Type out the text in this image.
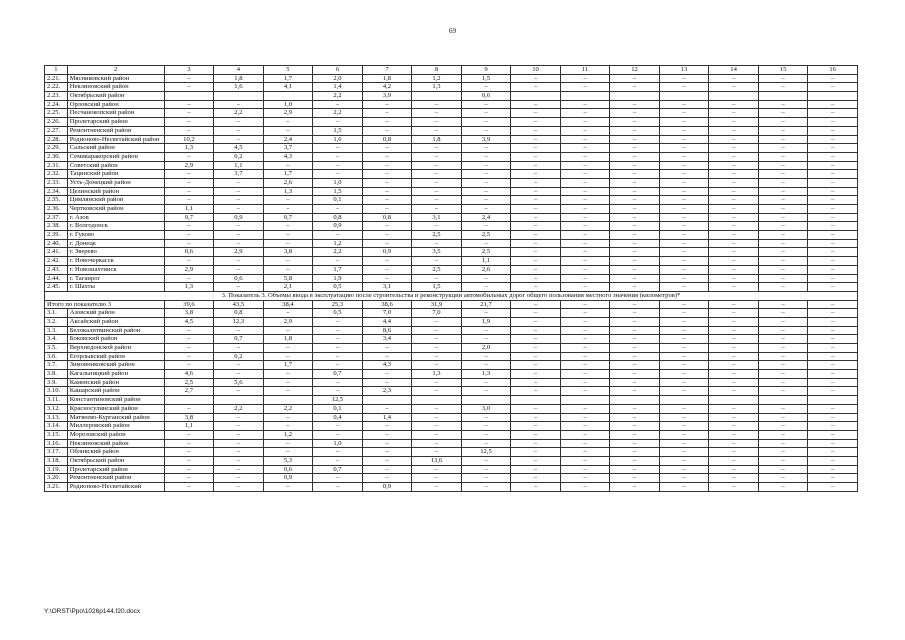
69
1	2	3	4	5	6	7	8	9	10	11	12	13	14	15	16
2.21.	Мясниковский район	–	1,8	1,7	2,0	1,8	1,2	1,5	–	–	–	–	–	–	–
2.22.	Неклиновский район	–	1,6	4,1	1,4	4,2	1,3	–	–	–	–	–	–	–	–
2.23.	Октябрьский район				2,2	3,9		0,6							
2.24.	Орловский район	–	–	1,0	–	–	–	–	–	–	–	–	–	–	–
2.25.	Песчанокопский район	–	2,2	2,9	2,2	–	–	–	–	–	–	–	–	–	–
2.26.	Пролетарский район	–	–	–	–	–	–	–	–	–	–	–	–	–	–
2.27.	Ремонтненский район	–	–	–	1,5	–	–	–	–	–	–	–	–	–	–
2.28.	Родионово-Несветайский район	10,2	–	2,4	1,6	0,8	1,8	3,9	–	–	–	–	–	–	–
2.29.	Сальский район	1,3	4,5	3,7	–	–	–	–	–	–	–	–	–	–	–
2.30.	Семикаракорский район	–	0,2	4,3	–	–	–	–	–	–	–	–	–	–	–
2.31.	Советский район	2,9	1,1	–	–	–	–	–	–	–	–	–	–	–	–
2.32.	Тацинский район	–	3,7	1,7	–	–	–	–	–	–	–	–	–	–	–
2.33.	Усть-Донецкий район	–	–	2,6	1,0	–	–	–	–	–	–	–	–	–	–
2.34.	Целинский район	–	–	1,3	1,5	–	–	–	–	–	–	–	–	–	–
2.35.	Цимлянский район	–	–	–	0,1	–	–	–	–	–	–	–	–	–	–
2.36.	Чертковский район	1,1	–	–	–	–	–	–	–	–	–	–	–	–	–
2.37.	г. Азов	0,7	0,9	0,7	0,8	0,8	3,1	2,4	–	–	–	–	–	–	–
2.38.	г. Волгодонск	–	–	–	0,9	–	–	–	–	–	–	–	–	–	–
2.39.	г. Гуково	–	–	–	–	–	2,5	2,5	–	–	–	–	–	–	–
2.40.	г. Донецк	–	–	–	1,2	–	–	–	–	–	–	–	–	–	–
2.41.	г. Зверево	0,6	2,9	3,8	2,2	0,9	3,5	2,5	–	–	–	–	–	–	–
2.42.	г. Новочеркасск	–	–	–	–	–	–	1,1	–	–	–	–	–	–	–
2.43.	г. Новошахтинск	2,9	–	–	1,7	–	2,5	2,6	–	–	–	–	–	–	–
2.44.	г. Таганрог	–	0,6	5,8	1,9	–	–	–	–	–	–	–	–	–	–
2.45.	г. Шахты	1,3	–	2,1	0,5	3,1	1,5	–	–	–	–	–	–	–	–
3. Показатель 3. Объемы ввода в эксплуатацию после строительства и реконструкции автомобильных дорог общего пользования местного значения (километров)*															
Итого по показателю 3		39,6	43,5	38,4	25,3	38,6	31,9	21,7	–	–	–	–	–	–	–
3.1.	Азовский район	3,8	0,8	–	0,5	7,0	7,0	–	–	–	–	–	–	–	–
3.2.	Аксайский район	4,5	12,3	2,9	–	4,4	–	1,9	–	–	–	–	–	–	–
3.3.	Белокалитвинский район	–	–	–	–	8,6	–	–	–	–	–	–	–	–	–
3.4.	Боковский район	–	0,7	1,8	–	3,4	–	–	–	–	–	–	–	–	–
3.5.	Верхнедонской район	–	–	–	–	–	–	2,0	–	–	–	–	–	–	–
3.6.	Егорлыкский район	–	0,2	–	–	–	–	–	–	–	–	–	–	–	–
3.7.	Зимовниковский район	–	–	1,7	–	4,3	–	–	–	–	–	–	–	–	–
3.8.	Кагальницкий район	4,6	–	–	0,7	–	1,3	1,3	–	–	–	–	–	–	–
3.9.	Каменский район	2,5	5,6	–	–	–	–	–	–	–	–	–	–	–	–
3.10.	Кашарский район	2,7	–	–	–	2,3	–	–	–	–	–	–	–	–	–
3.11.	Константиновский район				12,5										
3.12.	Красносулинский район	–	2,2	2,2	0,1	–	–	3,0	–	–	–	–	–	–	–
3.13.	Матвеево-Курганский район	3,8	–	–	0,4	1,4	–	–	–	–	–	–	–	–	–
3.14.	Миллеровский район	1,1	–	–	–	–	–	–	–	–	–	–	–	–	–
3.15.	Морозовский район	–	–	1,2	–	–	–	–	–	–	–	–	–	–	–
3.16.	Неклиновский район	–	–	–	1,0	–	–	–	–	–	–	–	–	–	–
3.17.	Обливский район	–	–	–	–	–	–	12,5	–	–	–	–	–	–	–
3.18.	Октябрьский район	–	–	5,3	–	–	13,6	–	–	–	–	–	–	–	–
3.19.	Пролетарский район	–	–	0,6	0,7	–	–	–	–	–	–	–	–	–	–
3.20.	Ремонтненский район	–	–	0,9	–	–	–	–	–	–	–	–	–	–	–
3.21.	Родионово-Несветайский	–	–	–	–	0,9	–	–	–	–	–	–	–	–	–
Y:\ORST\Ppo\1026p144.f20.docx
